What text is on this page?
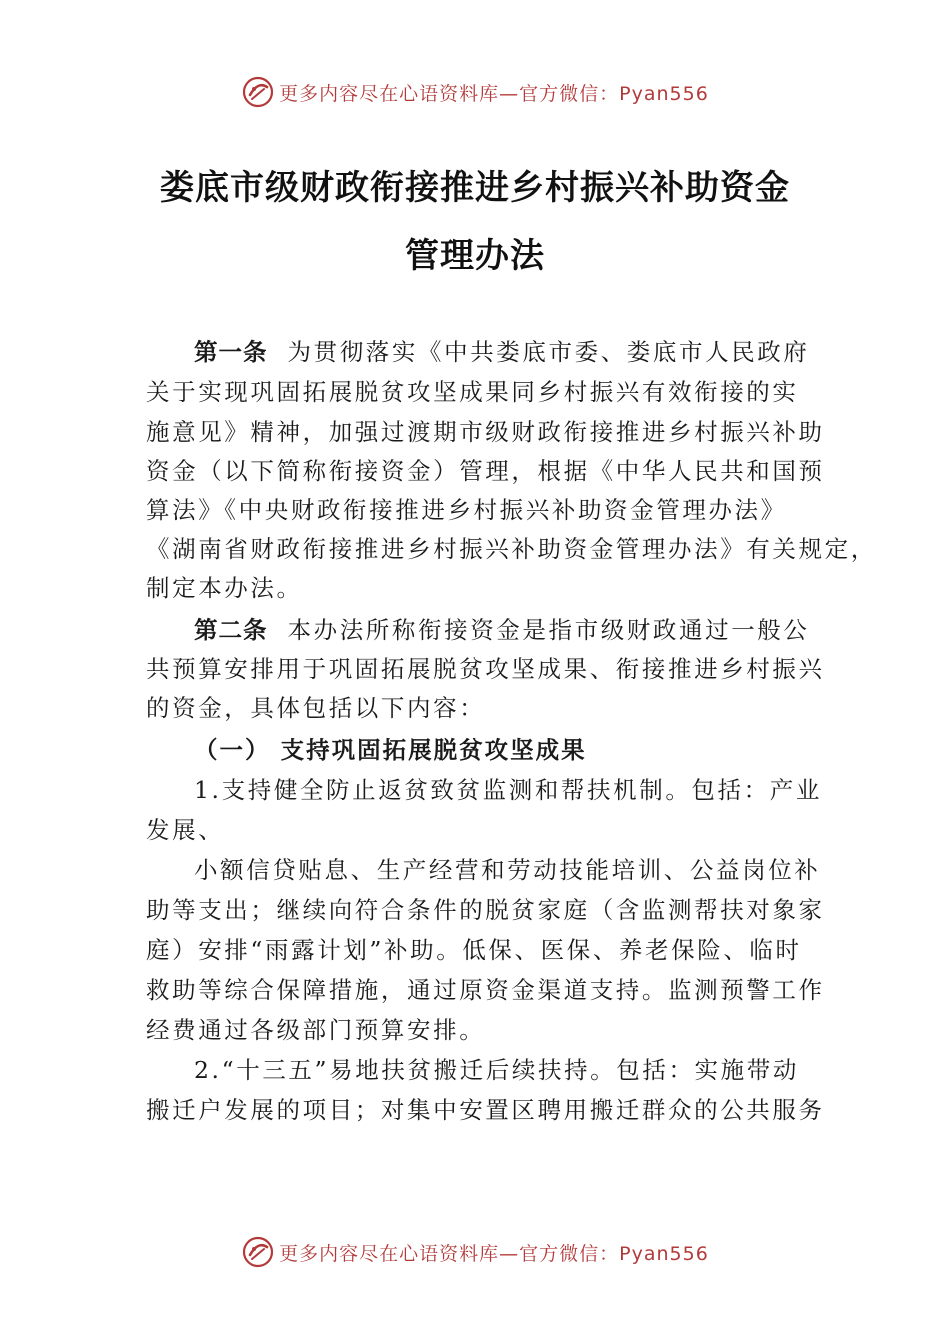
更多内容尽在心语资料库—官方微信：Pyan556
娄底市级财政衔接推进乡村振兴补助资金
管理办法
第一条 为贯彻落实《中共娄底市委、娄底市人民政府
关于实现巩固拓展脱贫攻坚成果同乡村振兴有效衔接的实
施意见》精神，加强过渡期市级财政衔接推进乡村振兴补助
资金（以下简称衔接资金）管理，根据《中华人民共和国预
算法》《中央财政衔接推进乡村振兴补助资金管理办法》
《湖南省财政衔接推进乡村振兴补助资金管理办法》有关规定，
制定本办法。
第二条 本办法所称衔接资金是指市级财政通过一般公
共预算安排用于巩固拓展脱贫攻坚成果、衔接推进乡村振兴
的资金，具体包括以下内容：
（一） 支持巩固拓展脱贫攻坚成果
1.支持健全防止返贫致贫监测和帮扶机制。包括：产业
发展、
小额信贷贴息、生产经营和劳动技能培训、公益岗位补
助等支出；继续向符合条件的脱贫家庭（含监测帮扶对象家
庭）安排“雨露计划”补助。低保、医保、养老保险、临时
救助等综合保障措施，通过原资金渠道支持。监测预警工作
经费通过各级部门预算安排。
2.“十三五”易地扶贫搬迁后续扶持。包括：实施带动
搬迁户发展的项目；对集中安置区聘用搬迁群众的公共服务
更多内容尽在心语资料库—官方微信：Pyan556
